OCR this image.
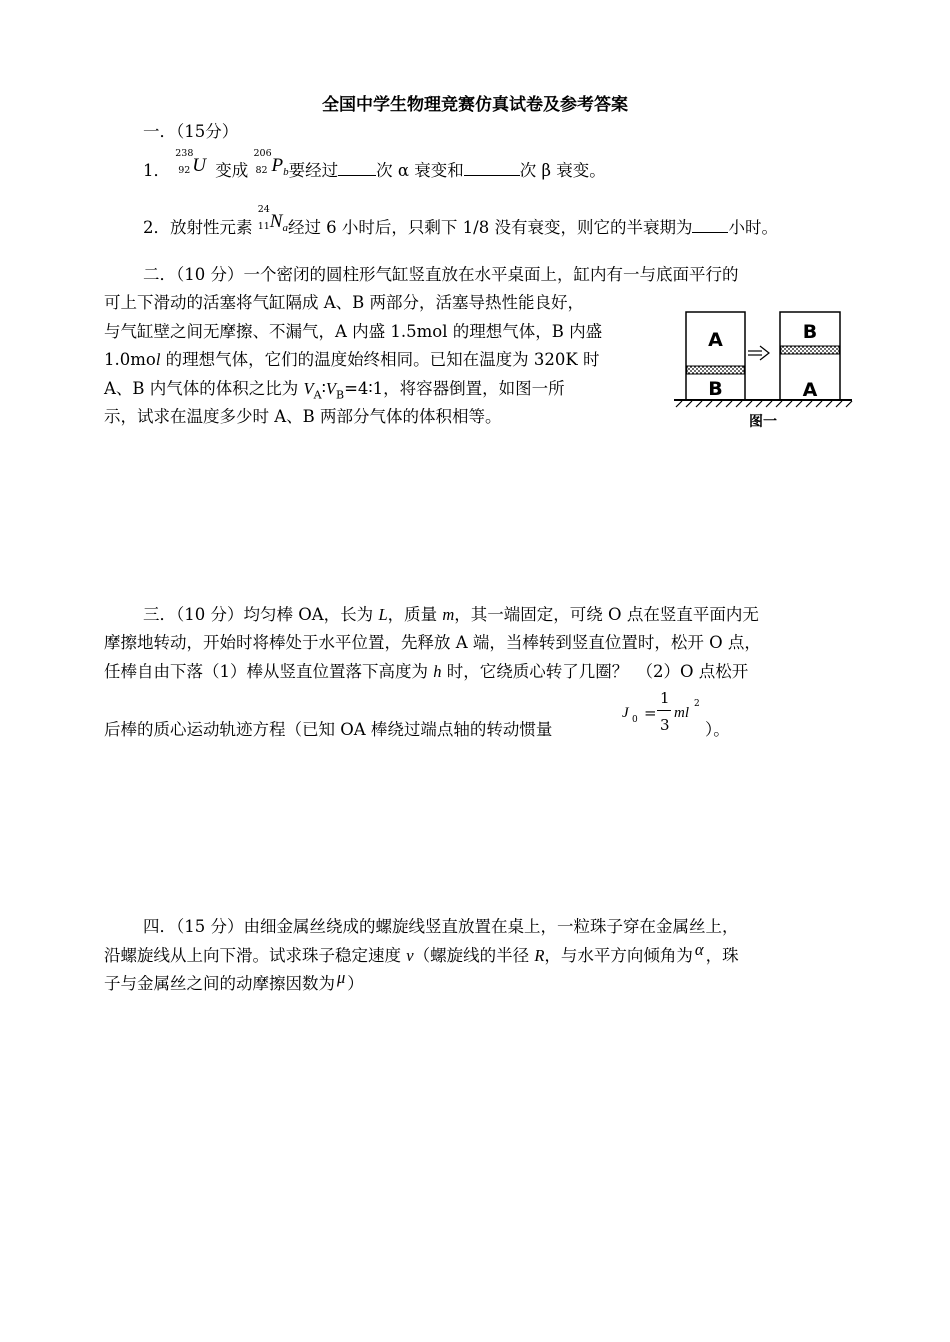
全国中学生物理竞赛仿真试卷及参考答案
一．（15分）
1．
238
92 U 变成
206
82 Pb要经过 次 α 衰变和	次 β 衰变。
2．放射性元素
24
11 Na经过 6 小时后，只剩下 1/8 没有衰变，则它的半衰期为 小时。
二．（10 分）一个密闭的圆柱形气缸竖直放在水平桌面上，缸内有一与底面平行的
可上下滑动的活塞将气缸隔成 A、B 两部分，活塞导热性能良好，
与气缸壁之间无摩擦、不漏气，A 内盛 1.5mol 的理想气体，B 内盛
1.0mol 的理想气体，它们的温度始终相同。已知在温度为 320K 时
A、B 内气体的体积之比为 $V_A∶V_B=4∶1$，将容器倒置，如图一所
示，试求在温度多少时 A、B 两部分气体的体积相等。
A
B
B
A
图一
三．（10 分）均匀棒 OA，长为 L，质量 m，其一端固定，可绕 O 点在竖直平面内无
摩擦地转动，开始时将棒处于水平位置，先释放 A 端，当棒转到竖直位置时，松开 O 点，
任棒自由下落（1）棒从竖直位置落下高度为 h 时，它绕质心转了几圈？　（2）O 点松开
后棒的质心运动轨迹方程（已知 OA 棒绕过端点轴的转动惯量
J 0 =
1
3
ml
2
）。
四．（15 分）由细金属丝绕成的螺旋线竖直放置在桌上，一粒珠子穿在金属丝上，
沿螺旋线从上向下滑。试求珠子稳定速度 v（螺旋线的半径 R，与水平方向倾角为 α ，珠
子与金属丝之间的动摩擦因数为 μ ）
